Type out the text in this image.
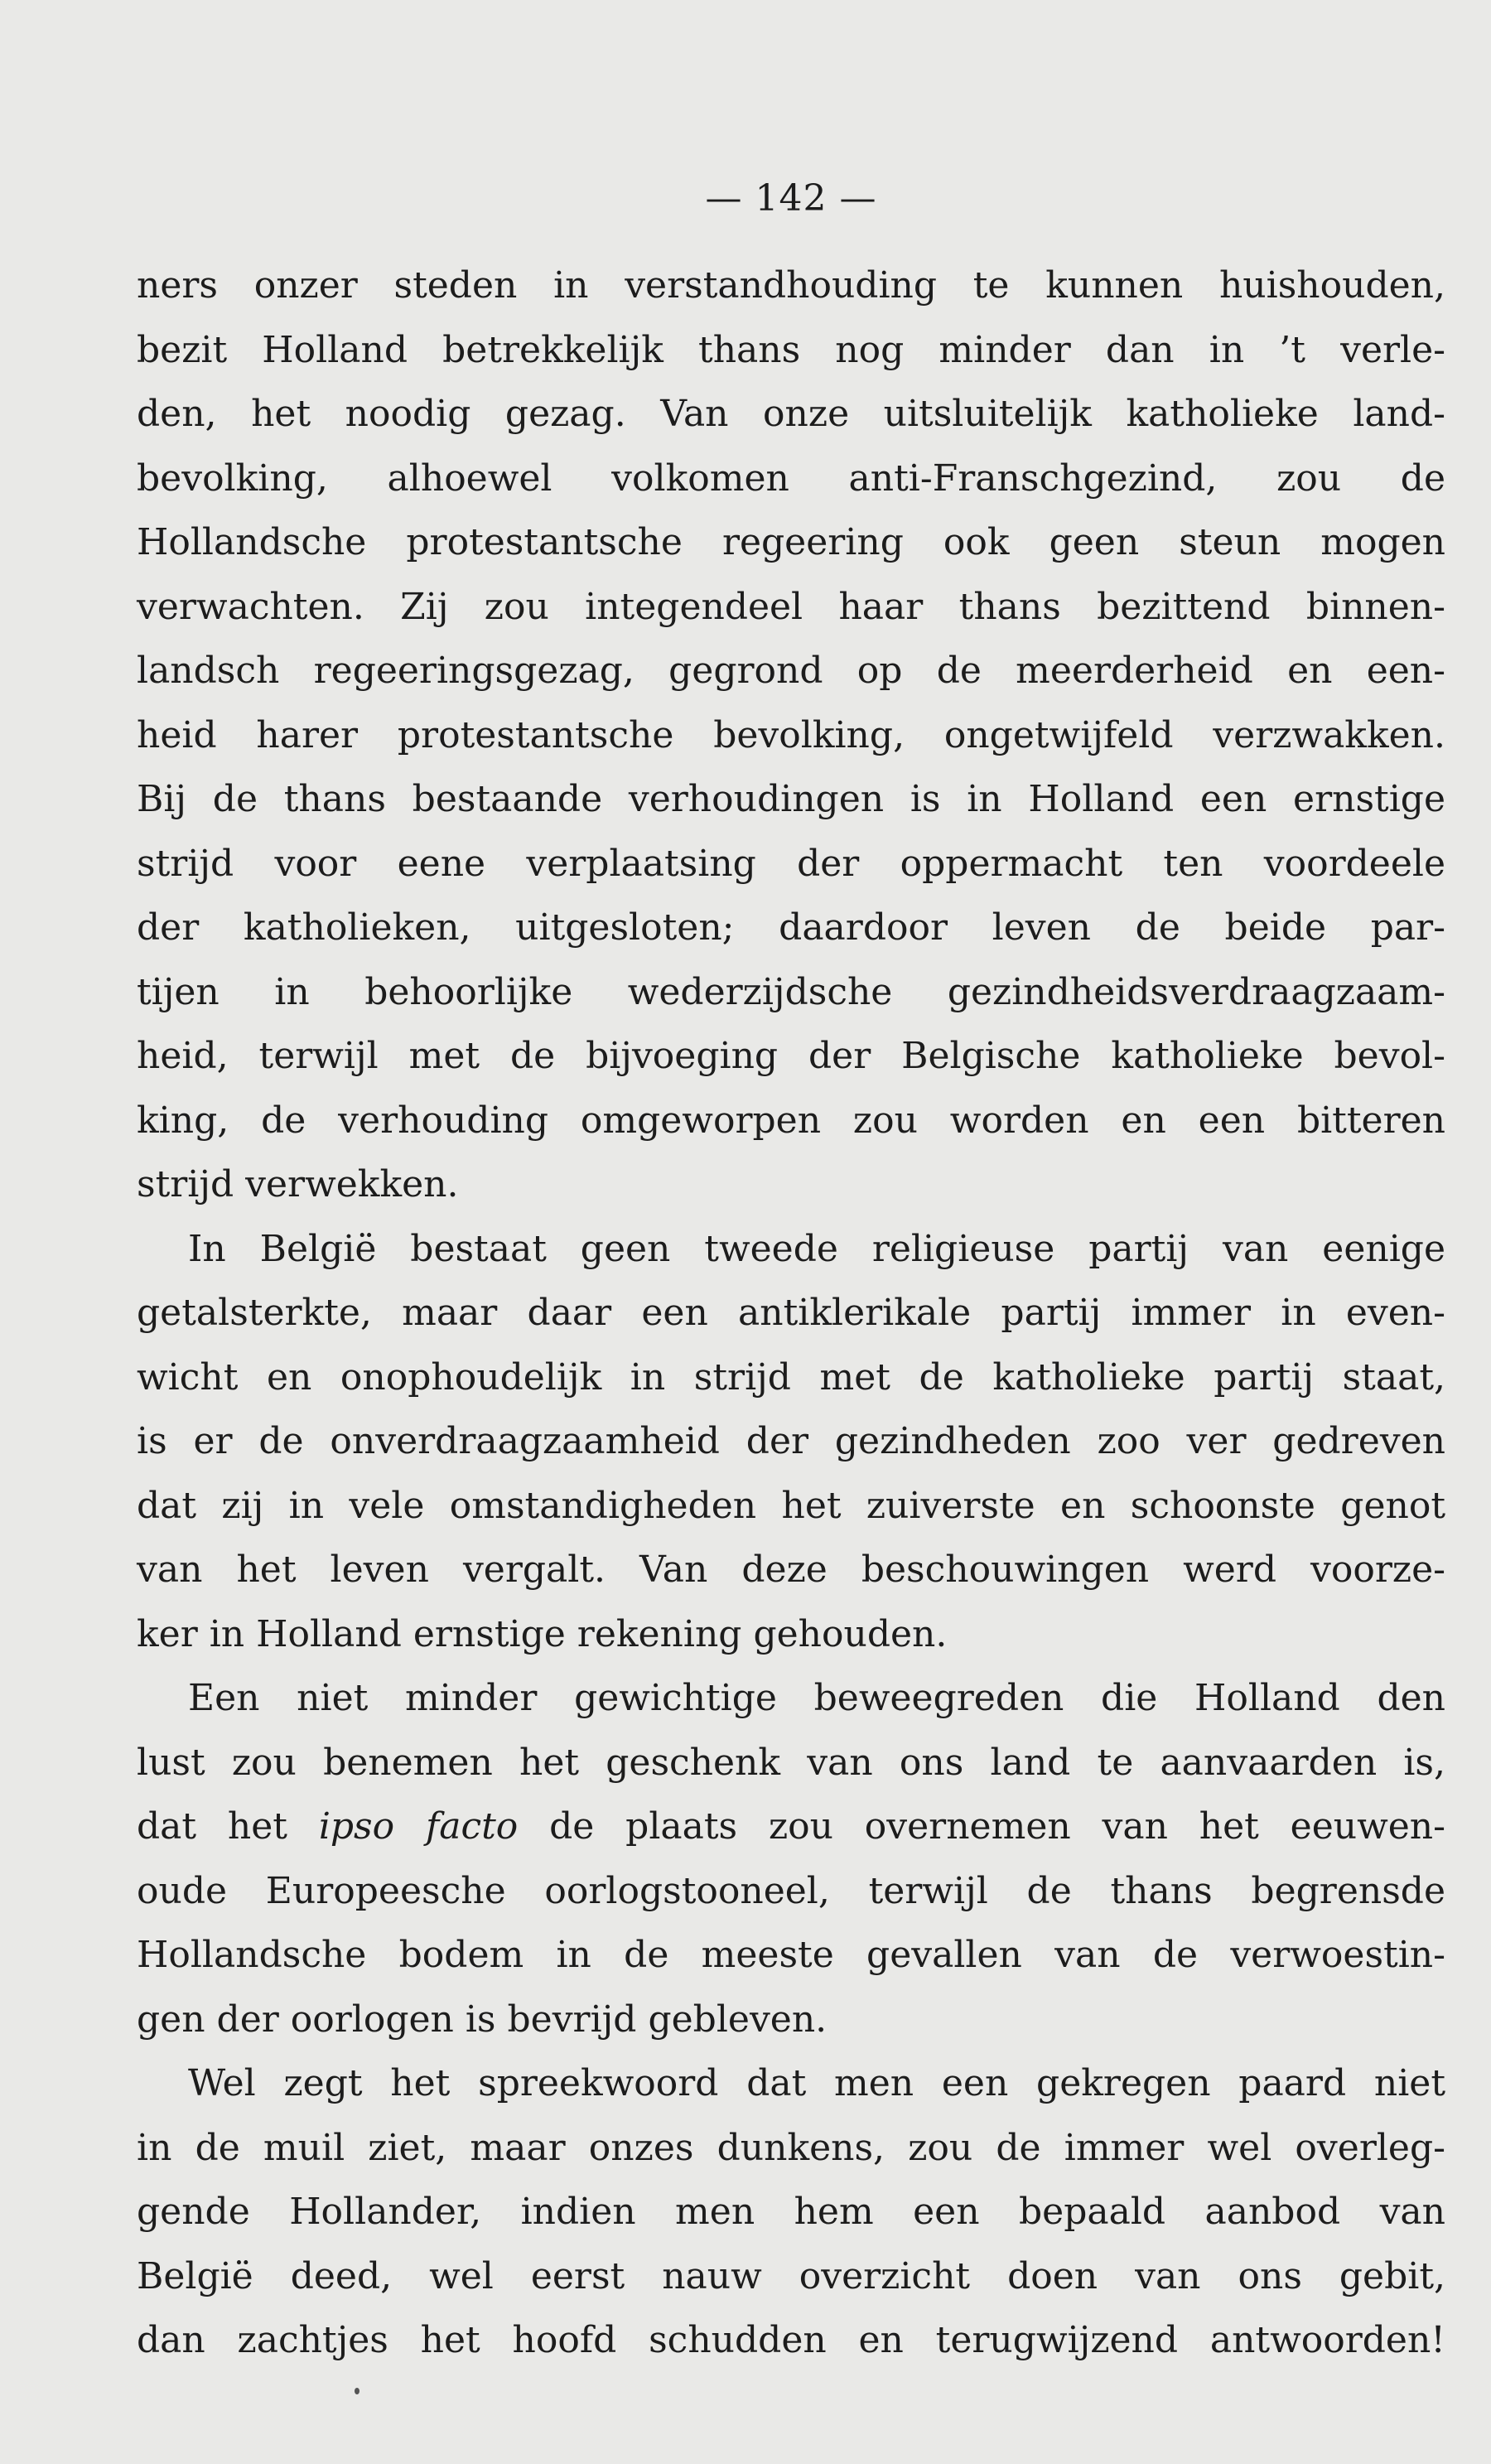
— 142 —
ners onzer steden in verstandhouding te kunnen huishouden,
bezit Holland betrekkelijk thans nog minder dan in ’t verle-
den, het noodig gezag. Van onze uitsluitelijk katholieke land-
bevolking, alhoewel volkomen anti-Franschgezind, zou de
Hollandsche protestantsche regeering ook geen steun mogen
verwachten. Zij zou integendeel haar thans bezittend binnen-
landsch regeeringsgezag, gegrond op de meerderheid en een-
heid harer protestantsche bevolking, ongetwijfeld verzwakken.
Bij de thans bestaande verhoudingen is in Holland een ernstige
strijd voor eene verplaatsing der oppermacht ten voordeele
der katholieken, uitgesloten; daardoor leven de beide par-
tijen in behoorlijke wederzijdsche gezindheidsverdraagzaam-
heid, terwijl met de bijvoeging der Belgische katholieke bevol-
king, de verhouding omgeworpen zou worden en een bitteren
strijd verwekken.
In België bestaat geen tweede religieuse partij van eenige
getalsterkte, maar daar een antiklerikale partij immer in even-
wicht en onophoudelijk in strijd met de katholieke partij staat,
is er de onverdraagzaamheid der gezindheden zoo ver gedreven
dat zij in vele omstandigheden het zuiverste en schoonste genot
van het leven vergalt. Van deze beschouwingen werd voorze-
ker in Holland ernstige rekening gehouden.
Een niet minder gewichtige beweegreden die Holland den
lust zou benemen het geschenk van ons land te aanvaarden is,
dat het ipso facto de plaats zou overnemen van het eeuwen-
oude Europeesche oorlogstooneel, terwijl de thans begrensde
Hollandsche bodem in de meeste gevallen van de verwoestin-
gen der oorlogen is bevrijd gebleven.
Wel zegt het spreekwoord dat men een gekregen paard niet
in de muil ziet, maar onzes dunkens, zou de immer wel overleg-
gende Hollander, indien men hem een bepaald aanbod van
België deed, wel eerst nauw overzicht doen van ons gebit,
dan zachtjes het hoofd schudden en terugwijzend antwoorden!
